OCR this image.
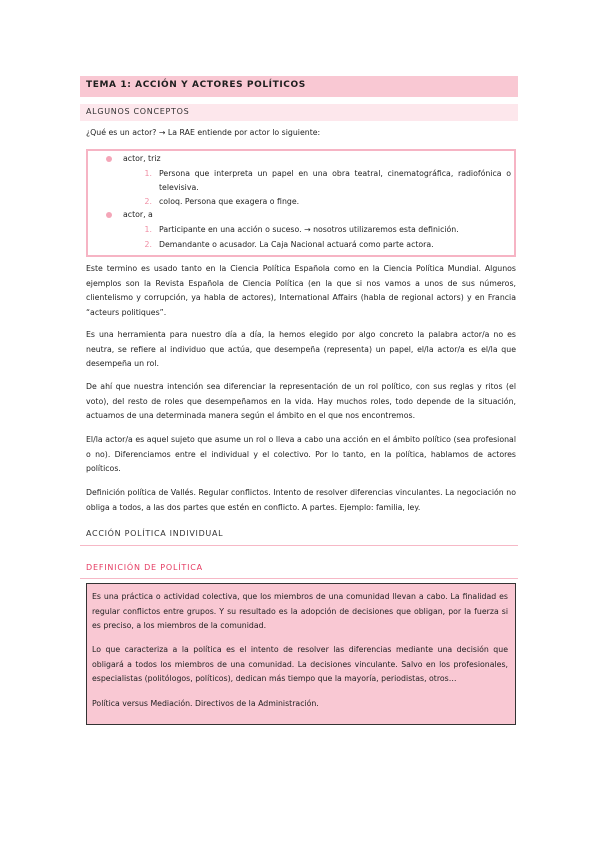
TEMA 1: ACCIÓN Y ACTORES POLÍTICOS
ALGUNOS CONCEPTOS

¿Qué es un actor? → La RAE entiende por actor lo siguiente:

actor, triz
1. Persona que interpreta un papel en una obra teatral, cinematográfica, radiofónica o televisiva.
2. coloq. Persona que exagera o finge.
actor, a
1. Participante en una acción o suceso. → nosotros utilizaremos esta definición.
2. Demandante o acusador. La Caja Nacional actuará como parte actora.

Este termino es usado tanto en la Ciencia Política Española como en la Ciencia Política Mundial. Algunos ejemplos son la Revista Española de Ciencia Política (en la que si nos vamos a unos de sus números, clientelismo y corrupción, ya habla de actores), International Affairs (habla de regional actors) y en Francia “acteurs politiques”.

Es una herramienta para nuestro día a día, la hemos elegido por algo concreto la palabra actor/a no es neutra, se refiere al individuo que actúa, que desempeña (representa) un papel, el/la actor/a es el/la que desempeña un rol.

De ahí que nuestra intención sea diferenciar la representación de un rol político, con sus reglas y ritos (el voto), del resto de roles que desempeñamos en la vida. Hay muchos roles, todo depende de la situación, actuamos de una determinada manera según el ámbito en el que nos encontremos.

El/la actor/a es aquel sujeto que asume un rol o lleva a cabo una acción en el ámbito político (sea profesional o no). Diferenciamos entre el individual y el colectivo. Por lo tanto, en la política, hablamos de actores políticos.

Definición política de Vallés. Regular conflictos. Intento de resolver diferencias vinculantes. La negociación no obliga a todos, a las dos partes que estén en conflicto. A partes. Ejemplo: familia, ley.

ACCIÓN POLÍTICA INDIVIDUAL
DEFINICIÓN DE POLÍTICA

Es una práctica o actividad colectiva, que los miembros de una comunidad llevan a cabo. La finalidad es regular conflictos entre grupos. Y su resultado es la adopción de decisiones que obligan, por la fuerza si es preciso, a los miembros de la comunidad.

Lo que caracteriza a la política es el intento de resolver las diferencias mediante una decisión que obligará a todos los miembros de una comunidad. La decisiones vinculante. Salvo en los profesionales, especialistas (politólogos, políticos), dedican más tiempo que la mayoría, periodistas, otros…

Política versus Mediación. Directivos de la Administración.
